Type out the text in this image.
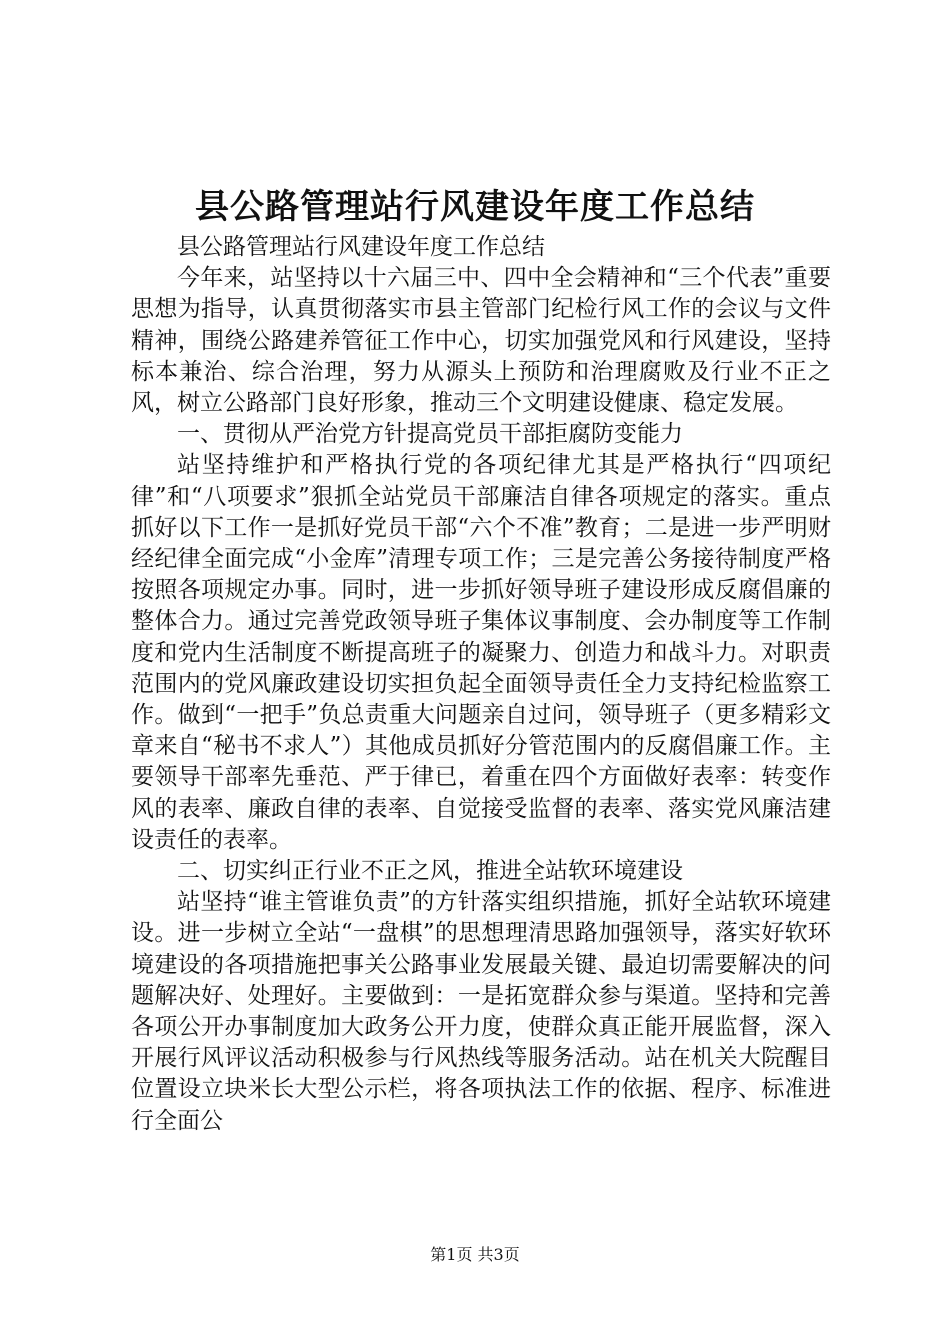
县公路管理站行风建设年度工作总结

县公路管理站行风建设年度工作总结

今年来，站坚持以十六届三中、四中全会精神和“三个代表”重要思想为指导，认真贯彻落实市县主管部门纪检行风工作的会议与文件精神，围绕公路建养管征工作中心，切实加强党风和行风建设，坚持标本兼治、综合治理，努力从源头上预防和治理腐败及行业不正之风，树立公路部门良好形象，推动三个文明建设健康、稳定发展。

一、贯彻从严治党方针提高党员干部拒腐防变能力

站坚持维护和严格执行党的各项纪律尤其是严格执行“四项纪律”和“八项要求”狠抓全站党员干部廉洁自律各项规定的落实。重点抓好以下工作一是抓好党员干部“六个不准”教育；二是进一步严明财经纪律全面完成“小金库”清理专项工作；三是完善公务接待制度严格按照各项规定办事。同时，进一步抓好领导班子建设形成反腐倡廉的整体合力。通过完善党政领导班子集体议事制度、会办制度等工作制度和党内生活制度不断提高班子的凝聚力、创造力和战斗力。对职责范围内的党风廉政建设切实担负起全面领导责任全力支持纪检监察工作。做到“一把手”负总责重大问题亲自过问，领导班子（更多精彩文章来自“秘书不求人”）其他成员抓好分管范围内的反腐倡廉工作。主要领导干部率先垂范、严于律已，着重在四个方面做好表率：转变作风的表率、廉政自律的表率、自觉接受监督的表率、落实党风廉洁建设责任的表率。

二、切实纠正行业不正之风，推进全站软环境建设

站坚持“谁主管谁负责”的方针落实组织措施，抓好全站软环境建设。进一步树立全站“一盘棋”的思想理清思路加强领导，落实好软环境建设的各项措施把事关公路事业发展最关键、最迫切需要解决的问题解决好、处理好。主要做到：一是拓宽群众参与渠道。坚持和完善各项公开办事制度加大政务公开力度，使群众真正能开展监督，深入开展行风评议活动积极参与行风热线等服务活动。站在机关大院醒目位置设立块米长大型公示栏，将各项执法工作的依据、程序、标准进行全面公

第1页 共3页
